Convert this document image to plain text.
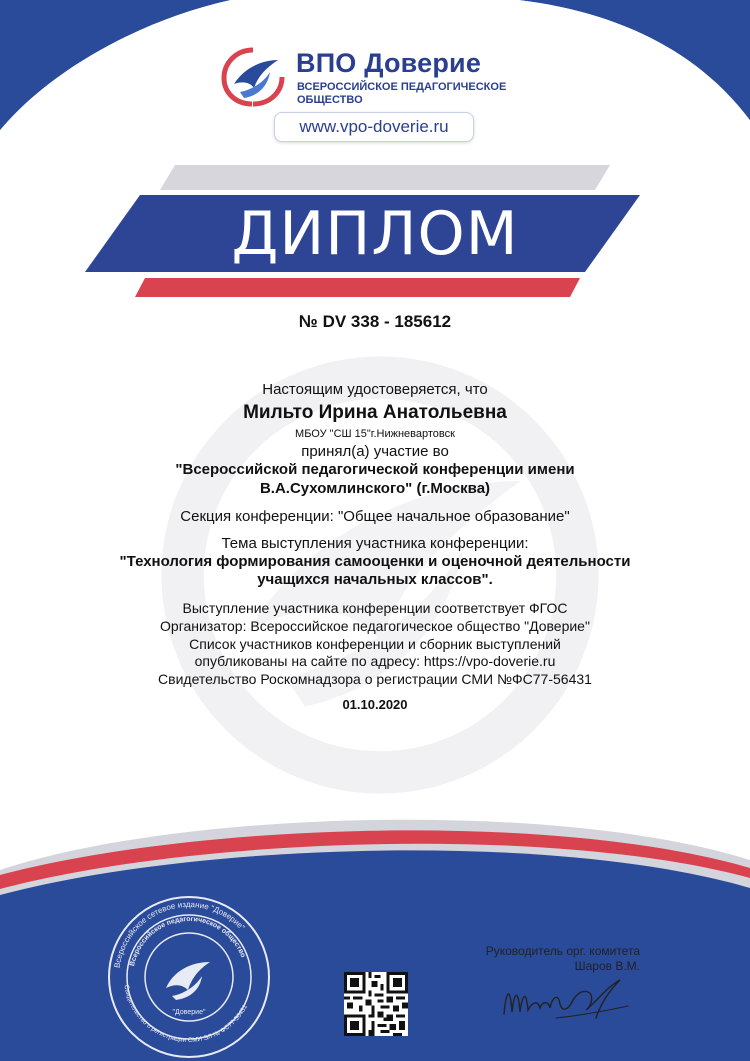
ВПО Доверие
ВСЕРОССИЙСКОЕ ПЕДАГОГИЧЕСКОЕ ОБЩЕСТВО
www.vpo-doverie.ru
ДИПЛОМ
№ DV 338 - 185612
Настоящим удостоверяется, что
Мильто Ирина Анатольевна
МБОУ "СШ 15"г.Нижневартовск
принял(а) участие во
"Всероссийской педагогической конференции имени
В.А.Сухомлинского" (г.Москва)
Секция конференции: "Общее начальное образование"
Тема выступления участника конференции:
"Технология формирования самооценки и оценочной деятельности
учащихся начальных классов".
Выступление участника конференции соответствует ФГОС
Организатор: Всероссийское педагогическое общество "Доверие"
Список участников конференции и сборник выступлений
опубликованы на сайте по адресу: https://vpo-doverie.ru
Свидетельство Роскомнадзора о регистрации СМИ №ФС77-56431
01.10.2020
Всероссийское сетевое издание "Доверие"
Всероссийское педагогическое общество
Свидетельство о регистрации СМИ ЭЛ № ФС77-56431
"Доверие"
Руководитель орг. комитета
Шаров В.М.
